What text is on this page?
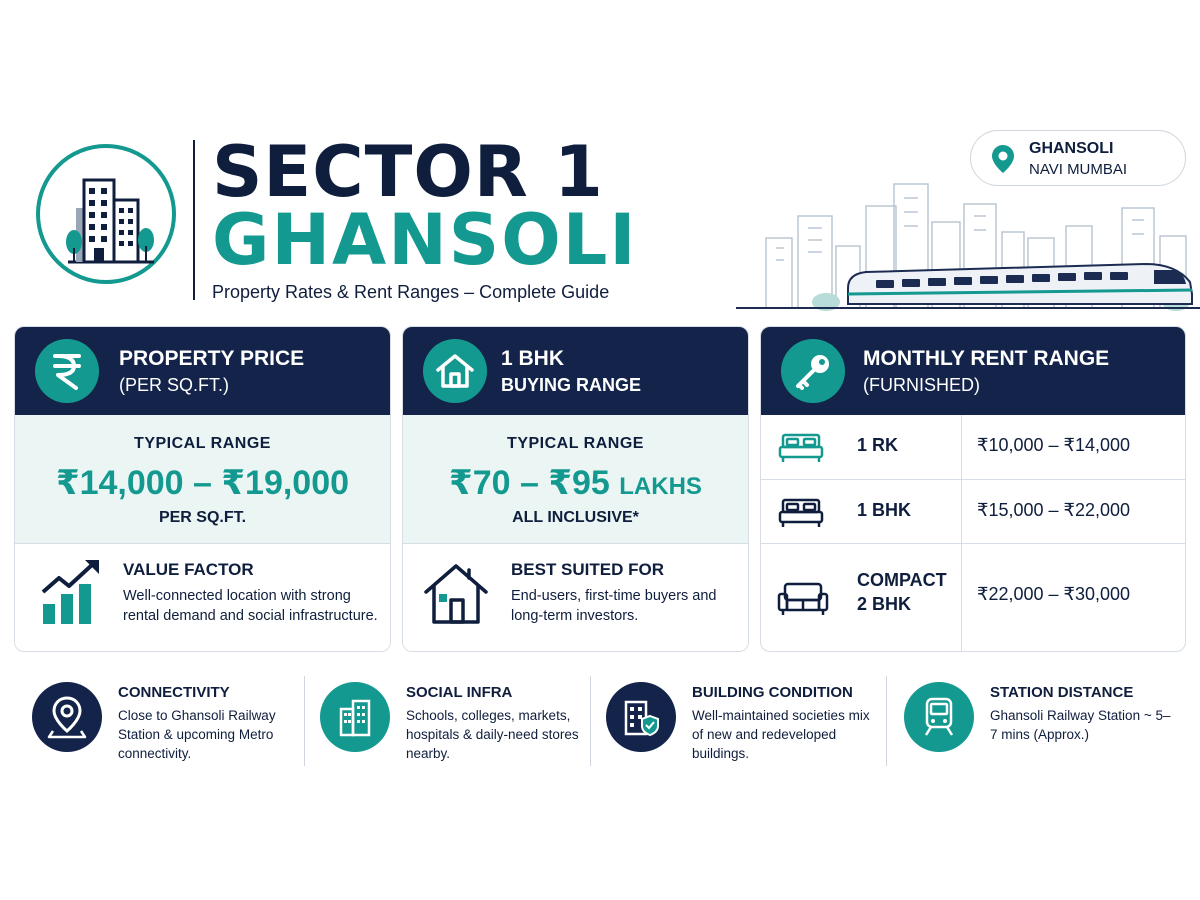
SECTOR 1
GHANSOLI
Property Rates & Rent Ranges – Complete Guide
GHANSOLI
NAVI MUMBAI
PROPERTY PRICE
(PER SQ.FT.)
TYPICAL RANGE
₹14,000 – ₹19,000
PER SQ.FT.
VALUE FACTOR
Well-connected location with strong rental demand and social infrastructure.
1 BHK
BUYING RANGE
TYPICAL RANGE
₹70 – ₹95 LAKHS
ALL INCLUSIVE*
BEST SUITED FOR
End-users, first-time buyers and long-term investors.
MONTHLY RENT RANGE
(FURNISHED)
1 RK	₹10,000 – ₹14,000
1 BHK	₹15,000 – ₹22,000
COMPACT
2 BHK	₹22,000 – ₹30,000
CONNECTIVITY
Close to Ghansoli Railway Station & upcoming Metro connectivity.
SOCIAL INFRA
Schools, colleges, markets, hospitals & daily-need stores nearby.
BUILDING CONDITION
Well-maintained societies mix of new and redeveloped buildings.
STATION DISTANCE
Ghansoli Railway Station ~ 5–7 mins (Approx.)
